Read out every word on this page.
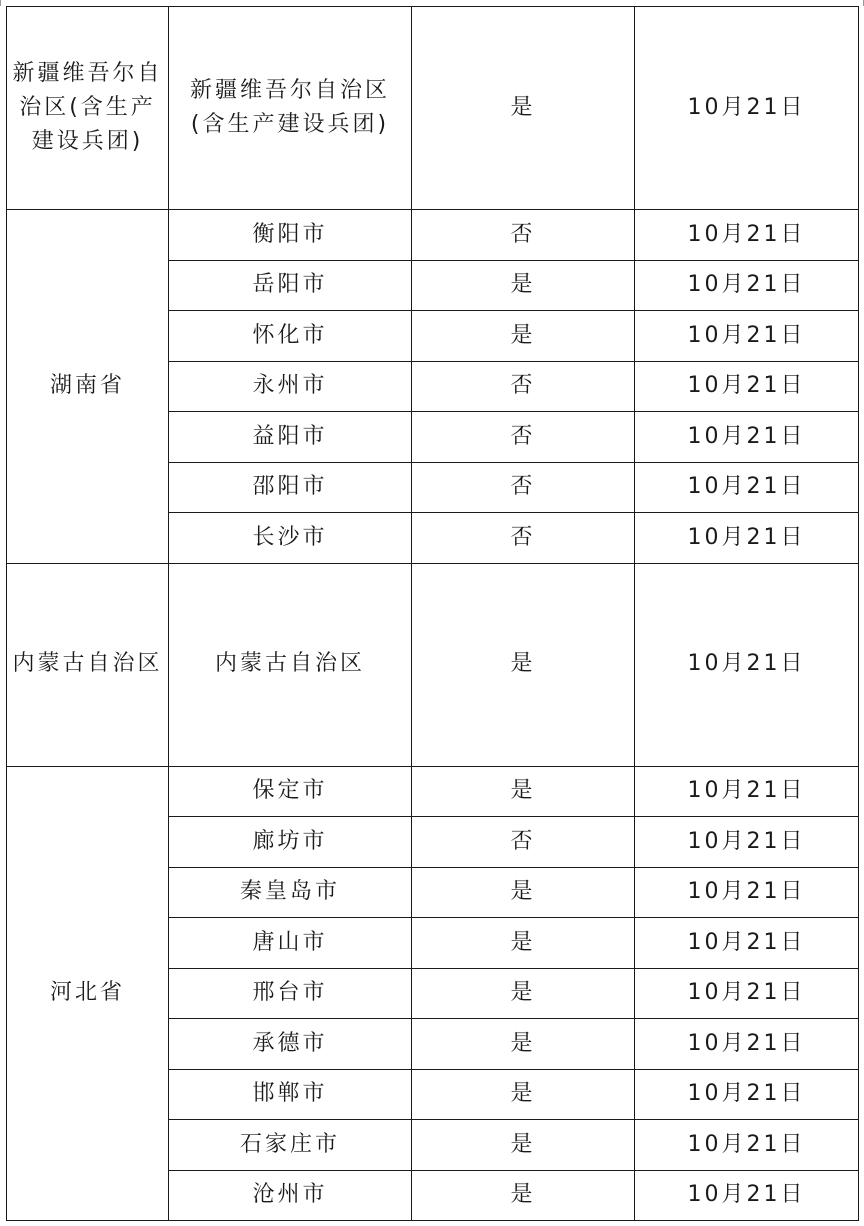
新疆维吾尔自治区(含生产建设兵团)	新疆维吾尔自治区(含生产建设兵团)	是	10月21日
湖南省	衡阳市	否	10月21日
	岳阳市	是	10月21日
	怀化市	是	10月21日
	永州市	否	10月21日
	益阳市	否	10月21日
	邵阳市	否	10月21日
	长沙市	否	10月21日
内蒙古自治区	内蒙古自治区	是	10月21日
河北省	保定市	是	10月21日
	廊坊市	否	10月21日
	秦皇岛市	是	10月21日
	唐山市	是	10月21日
	邢台市	是	10月21日
	承德市	是	10月21日
	邯郸市	是	10月21日
	石家庄市	是	10月21日
	沧州市	是	10月21日
